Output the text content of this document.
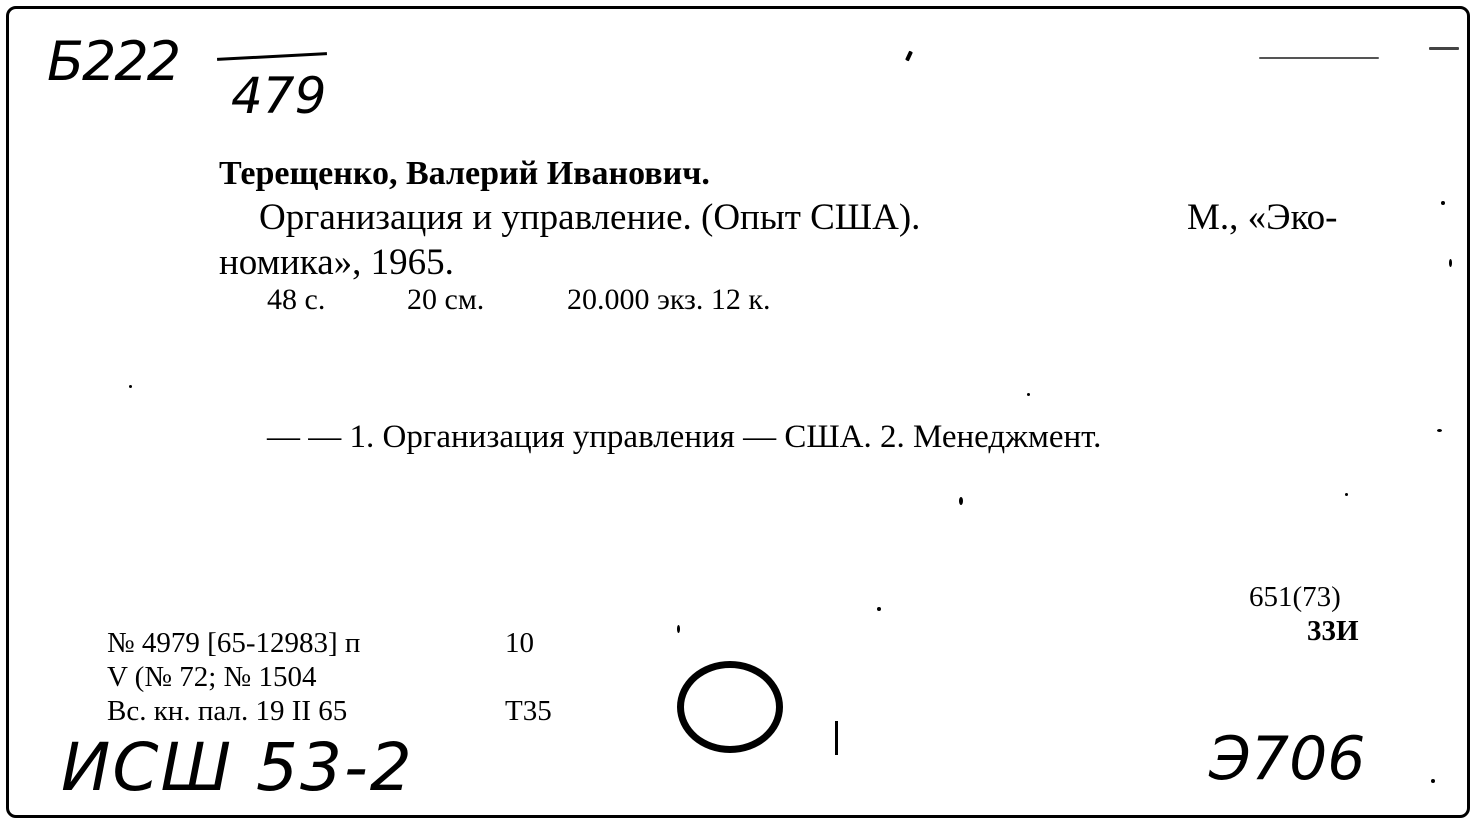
Б222
479
Терещенко, Валерий Иванович.
Организация и управление. (Опыт США).	М., «Эко-
номика», 1965.
48 с.	20 см.	20.000 экз. 12 к.
— — 1. Организация управления — США. 2. Менеджмент.
651(73)
33И
№ 4979 [65-12983] п	10
V (№ 72; № 1504
Вс. кн. пал. 19 II 65	Т35
ИСШ 53-2	Э706
